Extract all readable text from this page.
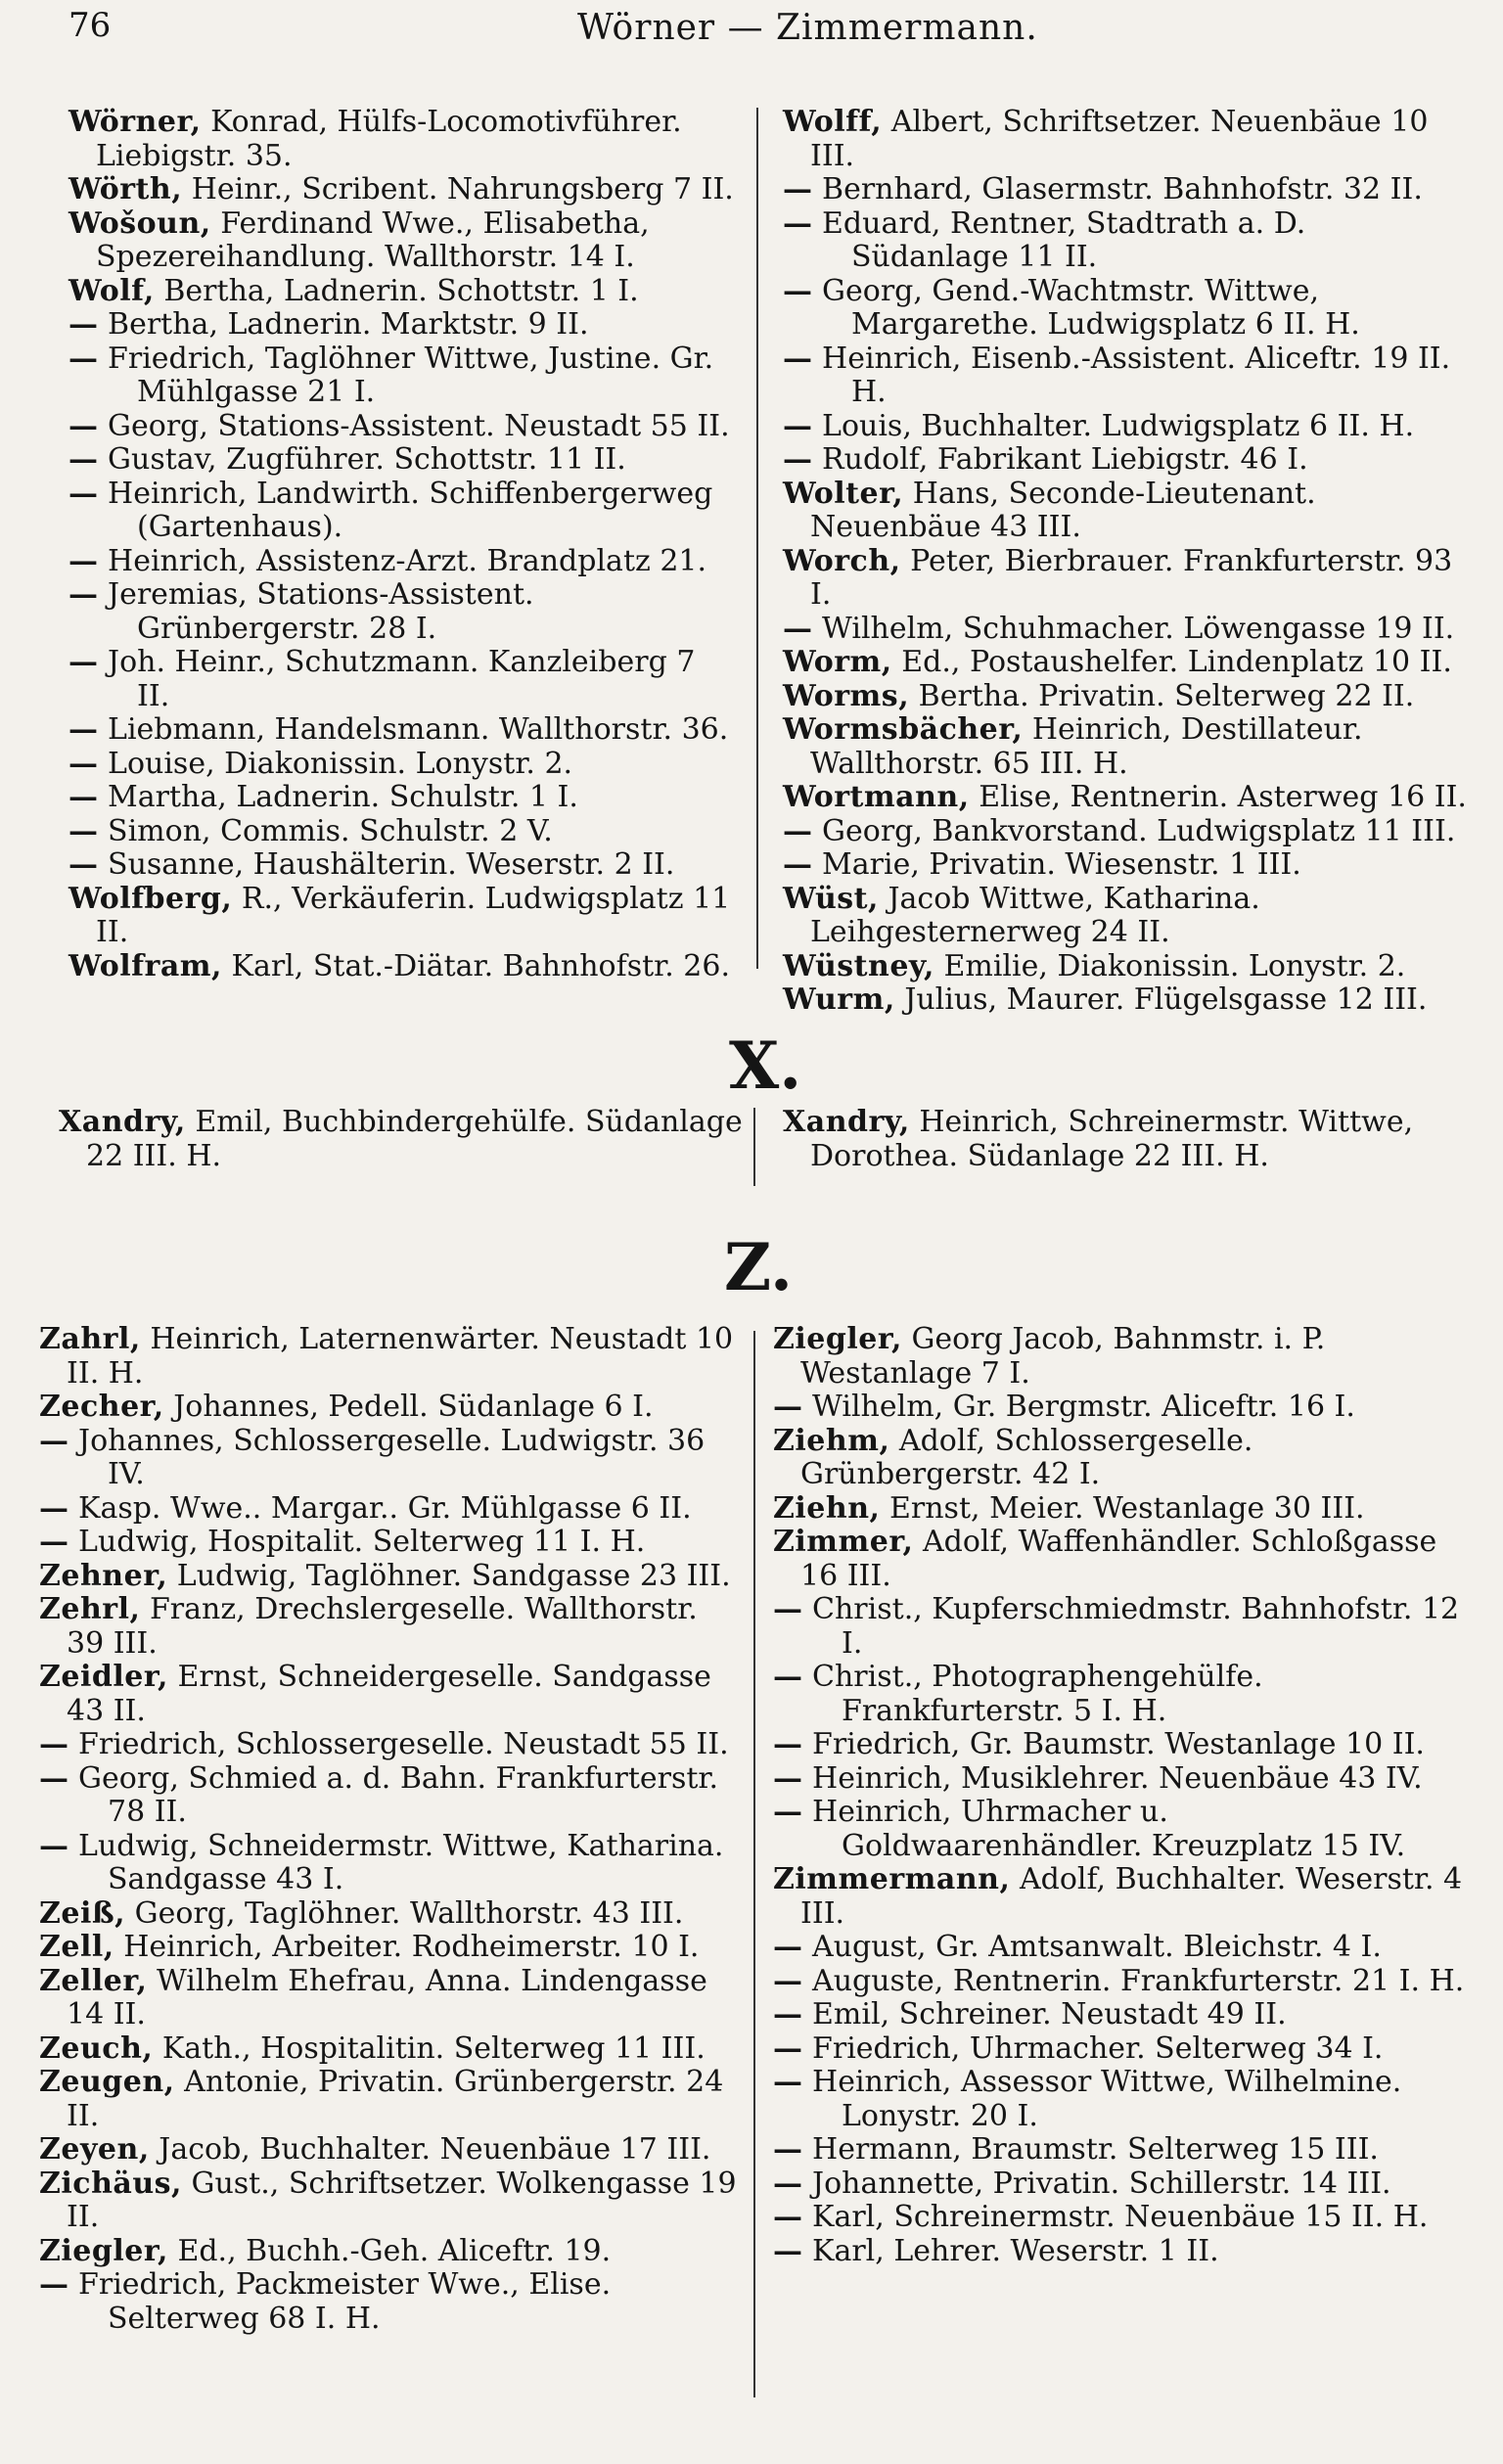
76	Wörner — Zimmermann.

Wörner, Konrad, Hülfs-Locomotivführer. Liebigstr. 35.

Wörth, Heinr., Scribent. Nahrungsberg 7 II.

Wošoun, Ferdinand Wwe., Elisabetha, Spezereihandlung. Wallthorstr. 14 I.

Wolf, Bertha, Ladnerin. Schottstr. 1 I.

— Bertha, Ladnerin. Marktstr. 9 II.

— Friedrich, Taglöhner Wittwe, Justine. Gr. Mühlgasse 21 I.

— Georg, Stations-Assistent. Neustadt 55 II.

— Gustav, Zugführer. Schottstr. 11 II.

— Heinrich, Landwirth. Schiffenbergerweg (Gartenhaus).

— Heinrich, Assistenz-Arzt. Brandplatz 21.

— Jeremias, Stations-Assistent. Grünbergerstr. 28 I.

— Joh. Heinr., Schutzmann. Kanzleiberg 7 II.

— Liebmann, Handelsmann. Wallthorstr. 36.

— Louise, Diakonissin. Lonystr. 2.

— Martha, Ladnerin. Schulstr. 1 I.

— Simon, Commis. Schulstr. 2 V.

— Susanne, Haushälterin. Weserstr. 2 II.

Wolfberg, R., Verkäuferin. Ludwigsplatz 11 II.

Wolfram, Karl, Stat.-Diätar. Bahnhofstr. 26.

Wolff, Albert, Schriftsetzer. Neuenbäue 10 III.

— Bernhard, Glasermstr. Bahnhofstr. 32 II.

— Eduard, Rentner, Stadtrath a. D. Südanlage 11 II.

— Georg, Gend.-Wachtmstr. Wittwe, Margarethe. Ludwigsplatz 6 II. H.

— Heinrich, Eisenb.-Assistent. Aliceftr. 19 II. H.

— Louis, Buchhalter. Ludwigsplatz 6 II. H.

— Rudolf, Fabrikant Liebigstr. 46 I.

Wolter, Hans, Seconde-Lieutenant. Neuenbäue 43 III.

Worch, Peter, Bierbrauer. Frankfurterstr. 93 I.

— Wilhelm, Schuhmacher. Löwengasse 19 II.

Worm, Ed., Postaushelfer. Lindenplatz 10 II.

Worms, Bertha. Privatin. Selterweg 22 II.

Wormsbächer, Heinrich, Destillateur. Wallthorstr. 65 III. H.

Wortmann, Elise, Rentnerin. Asterweg 16 II.

— Georg, Bankvorstand. Ludwigsplatz 11 III.

— Marie, Privatin. Wiesenstr. 1 III.

Wüst, Jacob Wittwe, Katharina. Leihgesternerweg 24 II.

Wüstney, Emilie, Diakonissin. Lonystr. 2.

Wurm, Julius, Maurer. Flügelsgasse 12 III.

X.

Xandry, Emil, Buchbindergehülfe. Südanlage 22 III. H.

Xandry, Heinrich, Schreinermstr. Wittwe, Dorothea. Südanlage 22 III. H.

Z.

Zahrl, Heinrich, Laternenwärter. Neustadt 10 II. H.

Zecher, Johannes, Pedell. Südanlage 6 I.

— Johannes, Schlossergeselle. Ludwigstr. 36 IV.

— Kasp. Wwe.. Margar.. Gr. Mühlgasse 6 II.

— Ludwig, Hospitalit. Selterweg 11 I. H.

Zehner, Ludwig, Taglöhner. Sandgasse 23 III.

Zehrl, Franz, Drechslergeselle. Wallthorstr. 39 III.

Zeidler, Ernst, Schneidergeselle. Sandgasse 43 II.

— Friedrich, Schlossergeselle. Neustadt 55 II.

— Georg, Schmied a. d. Bahn. Frankfurterstr. 78 II.

— Ludwig, Schneidermstr. Wittwe, Katharina. Sandgasse 43 I.

Zeiß, Georg, Taglöhner. Wallthorstr. 43 III.

Zell, Heinrich, Arbeiter. Rodheimerstr. 10 I.

Zeller, Wilhelm Ehefrau, Anna. Lindengasse 14 II.

Zeuch, Kath., Hospitalitin. Selterweg 11 III.

Zeugen, Antonie, Privatin. Grünbergerstr. 24 II.

Zeyen, Jacob, Buchhalter. Neuenbäue 17 III.

Zichäus, Gust., Schriftsetzer. Wolkengasse 19 II.

Ziegler, Ed., Buchh.-Geh. Aliceftr. 19.

— Friedrich, Packmeister Wwe., Elise. Selterweg 68 I. H.

Ziegler, Georg Jacob, Bahnmstr. i. P. Westanlage 7 I.

— Wilhelm, Gr. Bergmstr. Aliceftr. 16 I.

Ziehm, Adolf, Schlossergeselle. Grünbergerstr. 42 I.

Ziehn, Ernst, Meier. Westanlage 30 III.

Zimmer, Adolf, Waffenhändler. Schloßgasse 16 III.

— Christ., Kupferschmiedmstr. Bahnhofstr. 12 I.

— Christ., Photographengehülfe. Frankfurterstr. 5 I. H.

— Friedrich, Gr. Baumstr. Westanlage 10 II.

— Heinrich, Musiklehrer. Neuenbäue 43 IV.

— Heinrich, Uhrmacher u. Goldwaarenhändler. Kreuzplatz 15 IV.

Zimmermann, Adolf, Buchhalter. Weserstr. 4 III.

— August, Gr. Amtsanwalt. Bleichstr. 4 I.

— Auguste, Rentnerin. Frankfurterstr. 21 I. H.

— Emil, Schreiner. Neustadt 49 II.

— Friedrich, Uhrmacher. Selterweg 34 I.

— Heinrich, Assessor Wittwe, Wilhelmine. Lonystr. 20 I.

— Hermann, Braumstr. Selterweg 15 III.

— Johannette, Privatin. Schillerstr. 14 III.

— Karl, Schreinermstr. Neuenbäue 15 II. H.

— Karl, Lehrer. Weserstr. 1 II.
